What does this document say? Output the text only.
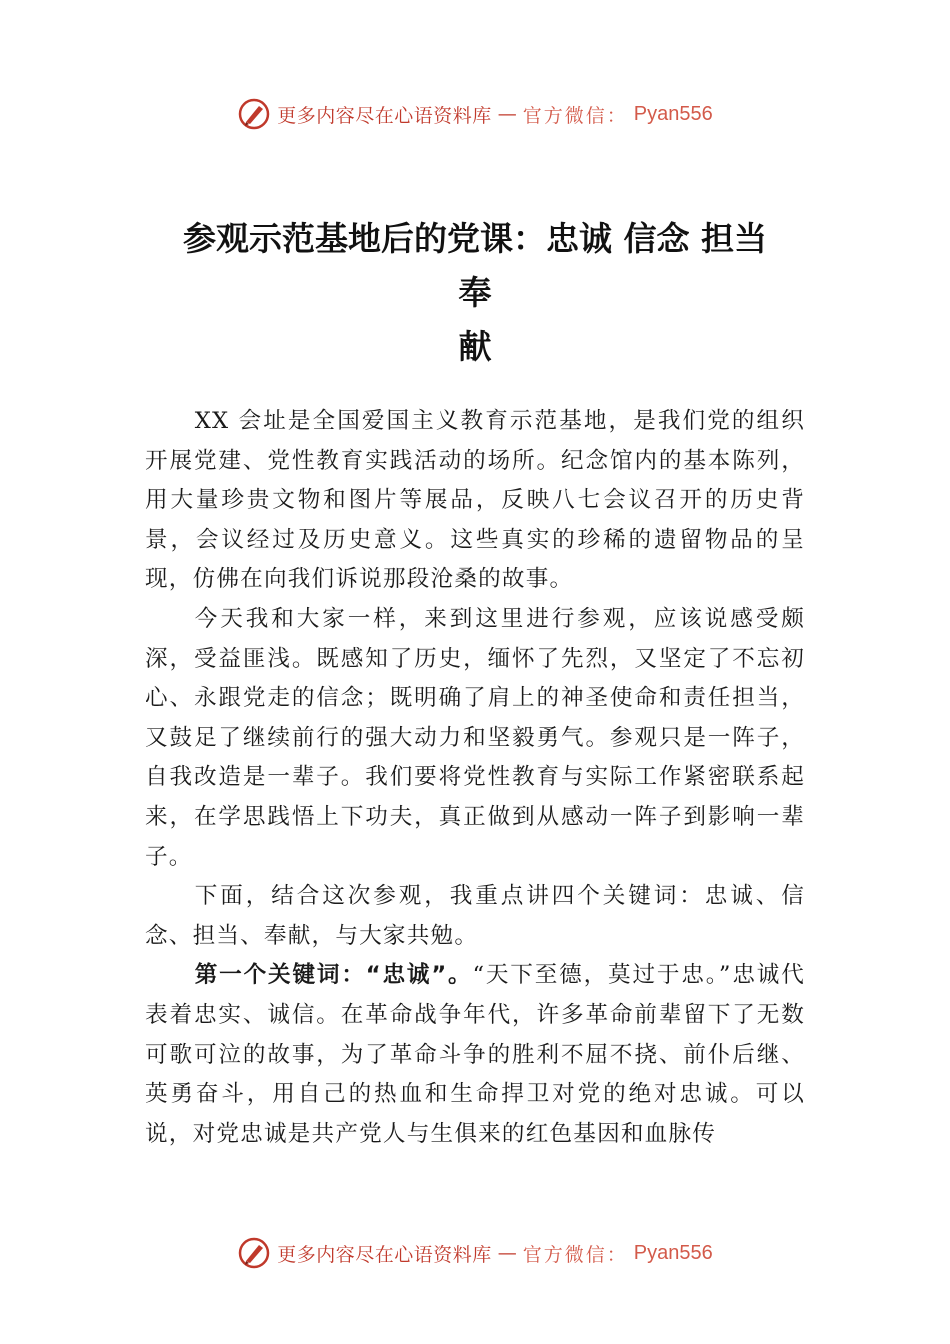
更多内容尽在心语资料库 — 官方微信： Pyan556
参观示范基地后的党课：忠诚 信念 担当
奉
献

XX 会址是全国爱国主义教育示范基地，是我们党的组织开展党建、党性教育实践活动的场所。纪念馆内的基本陈列，用大量珍贵文物和图片等展品，反映八七会议召开的历史背景，会议经过及历史意义。这些真实的珍稀的遗留物品的呈现，仿佛在向我们诉说那段沧桑的故事。

今天我和大家一样，来到这里进行参观，应该说感受颇深，受益匪浅。既感知了历史，缅怀了先烈，又坚定了不忘初心、永跟党走的信念；既明确了肩上的神圣使命和责任担当，又鼓足了继续前行的强大动力和坚毅勇气。参观只是一阵子，自我改造是一辈子。我们要将党性教育与实际工作紧密联系起来，在学思践悟上下功夫，真正做到从感动一阵子到影响一辈子。

下面，结合这次参观，我重点讲四个关键词：忠诚、信念、担当、奉献，与大家共勉。

第一个关键词：“忠诚”。“天下至德，莫过于忠。”忠诚代表着忠实、诚信。在革命战争年代，许多革命前辈留下了无数可歌可泣的故事，为了革命斗争的胜利不屈不挠、前仆后继、英勇奋斗，用自己的热血和生命捍卫对党的绝对忠诚。可以说，对党忠诚是共产党人与生俱来的红色基因和血脉传

更多内容尽在心语资料库 — 官方微信： Pyan556
